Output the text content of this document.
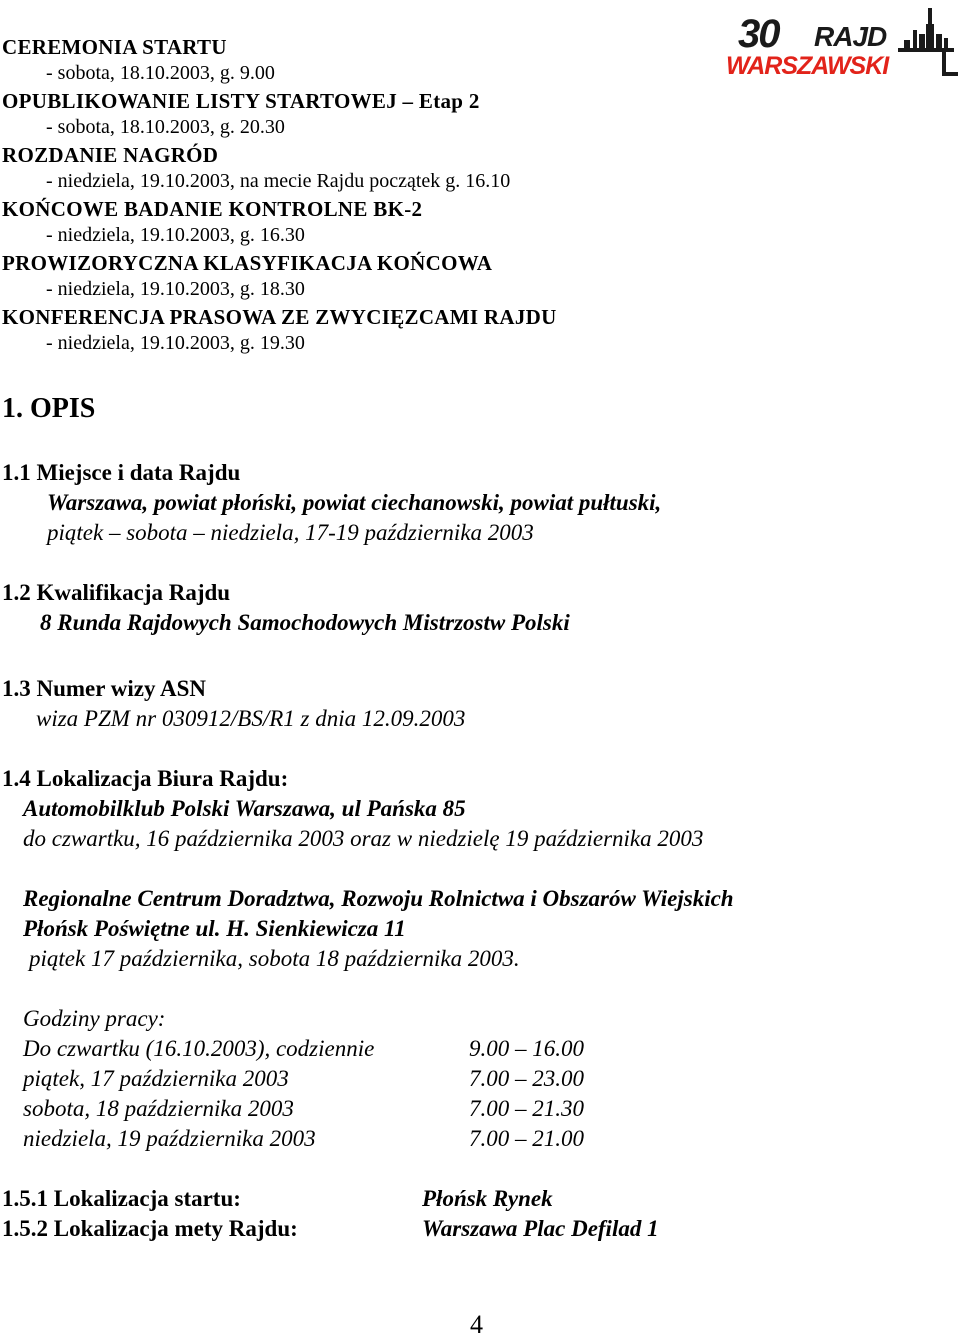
30 RAJD
WARSZAWSKI
CEREMONIA STARTU
- sobota, 18.10.2003, g. 9.00
OPUBLIKOWANIE LISTY STARTOWEJ – Etap 2
- sobota, 18.10.2003, g. 20.30
ROZDANIE NAGRÓD
- niedziela, 19.10.2003, na mecie Rajdu początek g. 16.10
KOŃCOWE BADANIE KONTROLNE BK-2
- niedziela, 19.10.2003, g. 16.30
PROWIZORYCZNA KLASYFIKACJA KOŃCOWA
- niedziela, 19.10.2003, g. 18.30
KONFERENCJA PRASOWA ZE ZWYCIĘZCAMI RAJDU
- niedziela, 19.10.2003, g. 19.30
1. OPIS
1.1 Miejsce i data Rajdu
Warszawa, powiat płoński, powiat ciechanowski, powiat pułtuski,
piątek – sobota – niedziela, 17-19 października 2003
1.2 Kwalifikacja Rajdu
8 Runda Rajdowych Samochodowych Mistrzostw Polski
1.3 Numer wizy ASN
wiza PZM nr 030912/BS/R1 z dnia 12.09.2003
1.4 Lokalizacja Biura Rajdu:
Automobilklub Polski Warszawa, ul Pańska 85
do czwartku, 16 października 2003 oraz w niedzielę 19 października 2003
Regionalne Centrum Doradztwa, Rozwoju Rolnictwa i Obszarów Wiejskich
Płońsk Poświętne ul. H. Sienkiewicza 11
piątek 17 października, sobota 18 października 2003.
Godziny pracy:
Do czwartku (16.10.2003), codziennie	9.00 – 16.00
piątek, 17 października 2003	7.00 – 23.00
sobota, 18 października 2003	7.00 – 21.30
niedziela, 19 października 2003	7.00 – 21.00
1.5.1 Lokalizacja startu:	Płońsk Rynek
1.5.2 Lokalizacja mety Rajdu:	Warszawa Plac Defilad 1
4
